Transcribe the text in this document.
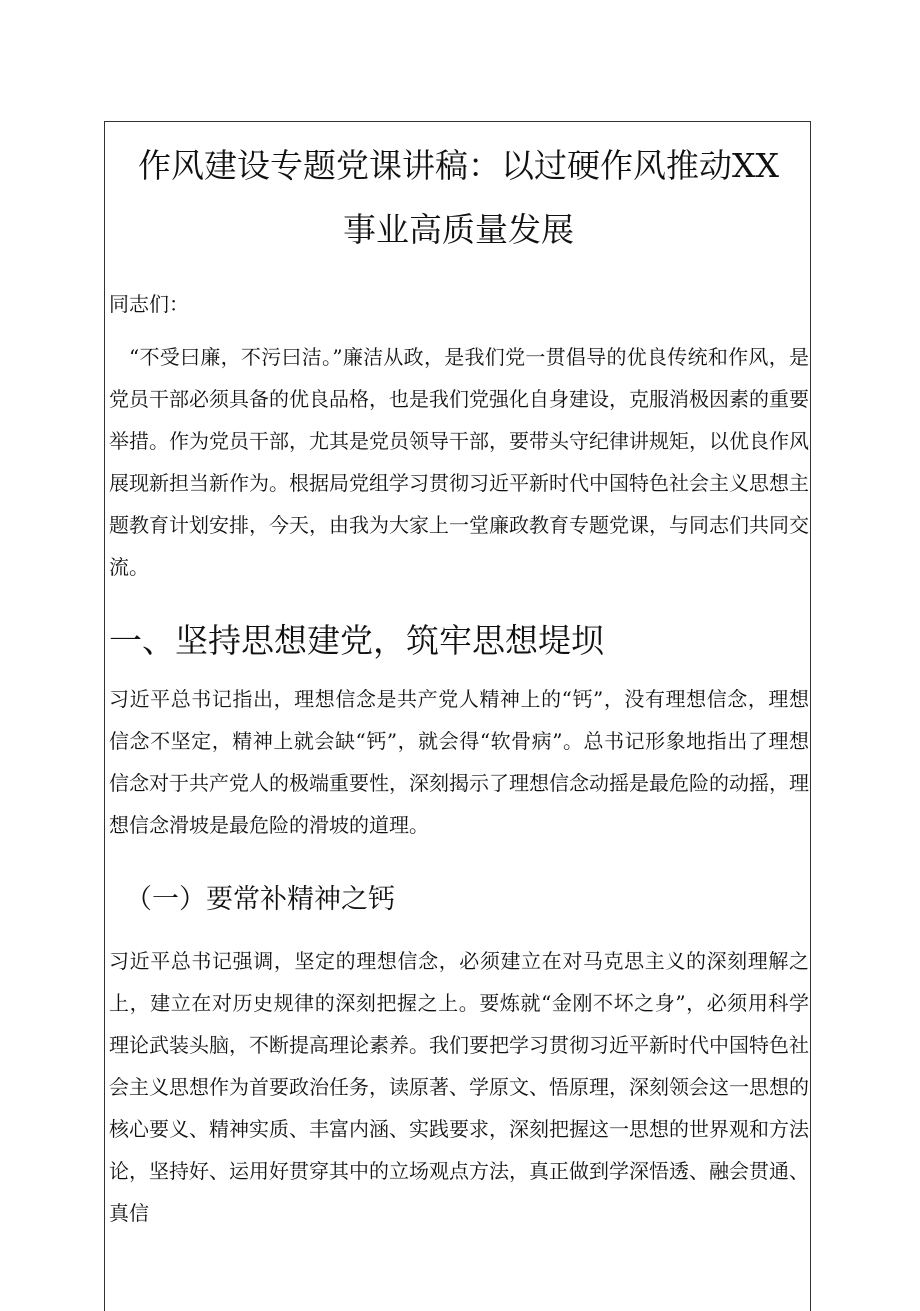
作风建设专题党课讲稿：以过硬作风推动XX
事业高质量发展
同志们：
“不受曰廉，不污曰洁。”廉洁从政，是我们党一贯倡导的优良传统和作风，是党员干部必须具备的优良品格，也是我们党强化自身建设，克服消极因素的重要举措。作为党员干部，尤其是党员领导干部，要带头守纪律讲规矩，以优良作风展现新担当新作为。根据局党组学习贯彻习近平新时代中国特色社会主义思想主题教育计划安排，今天，由我为大家上一堂廉政教育专题党课，与同志们共同交流。
一、坚持思想建党，筑牢思想堤坝
习近平总书记指出，理想信念是共产党人精神上的“钙”，没有理想信念，理想信念不坚定，精神上就会缺“钙”，就会得“软骨病”。总书记形象地指出了理想信念对于共产党人的极端重要性，深刻揭示了理想信念动摇是最危险的动摇，理想信念滑坡是最危险的滑坡的道理。
（一）要常补精神之钙
习近平总书记强调，坚定的理想信念，必须建立在对马克思主义的深刻理解之上，建立在对历史规律的深刻把握之上。要炼就“金刚不坏之身”，必须用科学理论武装头脑，不断提高理论素养。我们要把学习贯彻习近平新时代中国特色社会主义思想作为首要政治任务，读原著、学原文、悟原理，深刻领会这一思想的核心要义、精神实质、丰富内涵、实践要求，深刻把握这一思想的世界观和方法论，坚持好、运用好贯穿其中的立场观点方法，真正做到学深悟透、融会贯通、真信
